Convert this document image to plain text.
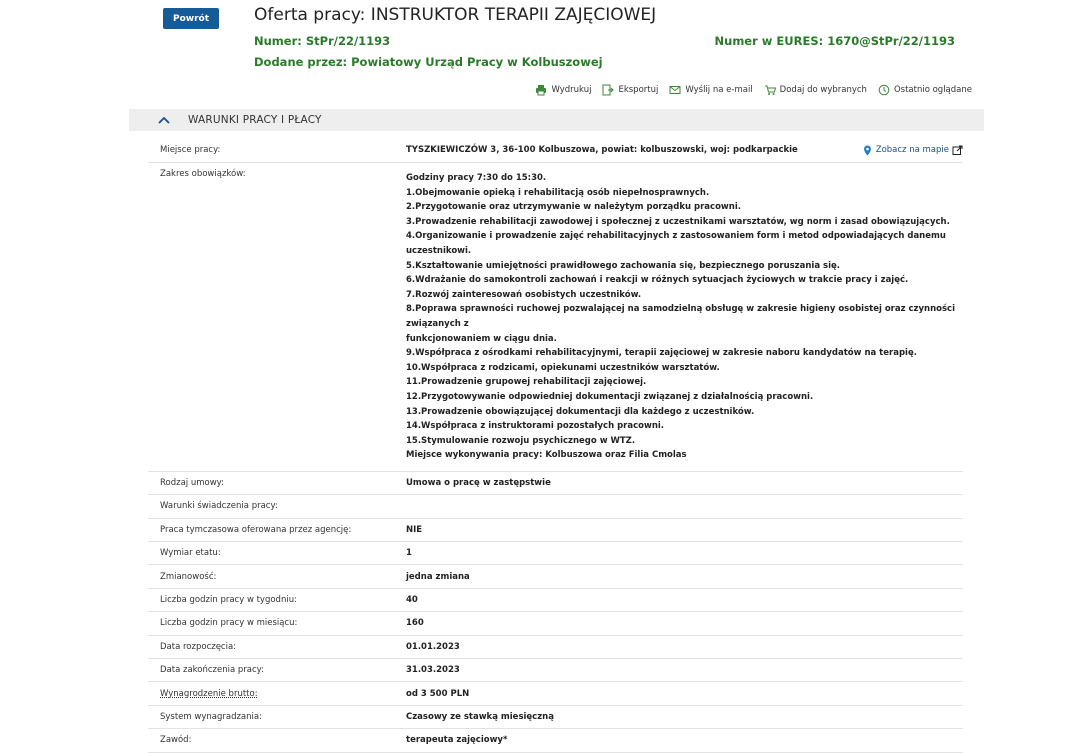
Powrót	Oferta pracy: INSTRUKTOR TERAPII ZAJĘCIOWEJ
Numer: StPr/22/1193	Numer w EURES: 1670@StPr/22/1193
Dodane przez: Powiatowy Urząd Pracy w Kolbuszowej
Wydrukuj	Eksportuj	Wyślij na e-mail	Dodaj do wybranych	Ostatnio oglądane
WARUNKI PRACY I PŁACY
Miejsce pracy:	TYSZKIEWICZÓW 3, 36-100 Kolbuszowa, powiat: kolbuszowski, woj: podkarpackie	Zobacz na mapie
Zakres obowiązków:	Godziny pracy 7:30 do 15:30.
1.Obejmowanie opieką i rehabilitacją osób niepełnosprawnych.
2.Przygotowanie oraz utrzymywanie w należytym porządku pracowni.
3.Prowadzenie rehabilitacji zawodowej i społecznej z uczestnikami warsztatów, wg norm i zasad obowiązujących.
4.Organizowanie i prowadzenie zajęć rehabilitacyjnych z zastosowaniem form i metod odpowiadających danemu uczestnikowi.
5.Kształtowanie umiejętności prawidłowego zachowania się, bezpiecznego poruszania się.
6.Wdrażanie do samokontroli zachowań i reakcji w różnych sytuacjach życiowych w trakcie pracy i zajęć.
7.Rozwój zainteresowań osobistych uczestników.
8.Poprawa sprawności ruchowej pozwalającej na samodzielną obsługę w zakresie higieny osobistej oraz czynności związanych z
funkcjonowaniem w ciągu dnia.
9.Współpraca z ośrodkami rehabilitacyjnymi, terapii zajęciowej w zakresie naboru kandydatów na terapię.
10.Współpraca z rodzicami, opiekunami uczestników warsztatów.
11.Prowadzenie grupowej rehabilitacji zajęciowej.
12.Przygotowywanie odpowiedniej dokumentacji związanej z działalnością pracowni.
13.Prowadzenie obowiązującej dokumentacji dla każdego z uczestników.
14.Współpraca z instruktorami pozostałych pracowni.
15.Stymulowanie rozwoju psychicznego w WTZ.
Miejsce wykonywania pracy: Kolbuszowa oraz Filia Cmolas
Rodzaj umowy:	Umowa o pracę w zastępstwie
Warunki świadczenia pracy:
Praca tymczasowa oferowana przez agencję:	NIE
Wymiar etatu:	1
Zmianowość:	jedna zmiana
Liczba godzin pracy w tygodniu:	40
Liczba godzin pracy w miesiącu:	160
Data rozpoczęcia:	01.01.2023
Data zakończenia pracy:	31.03.2023
Wynagrodzenie brutto:	od 3 500 PLN
System wynagradzania:	Czasowy ze stawką miesięczną
Zawód:	terapeuta zajęciowy*
